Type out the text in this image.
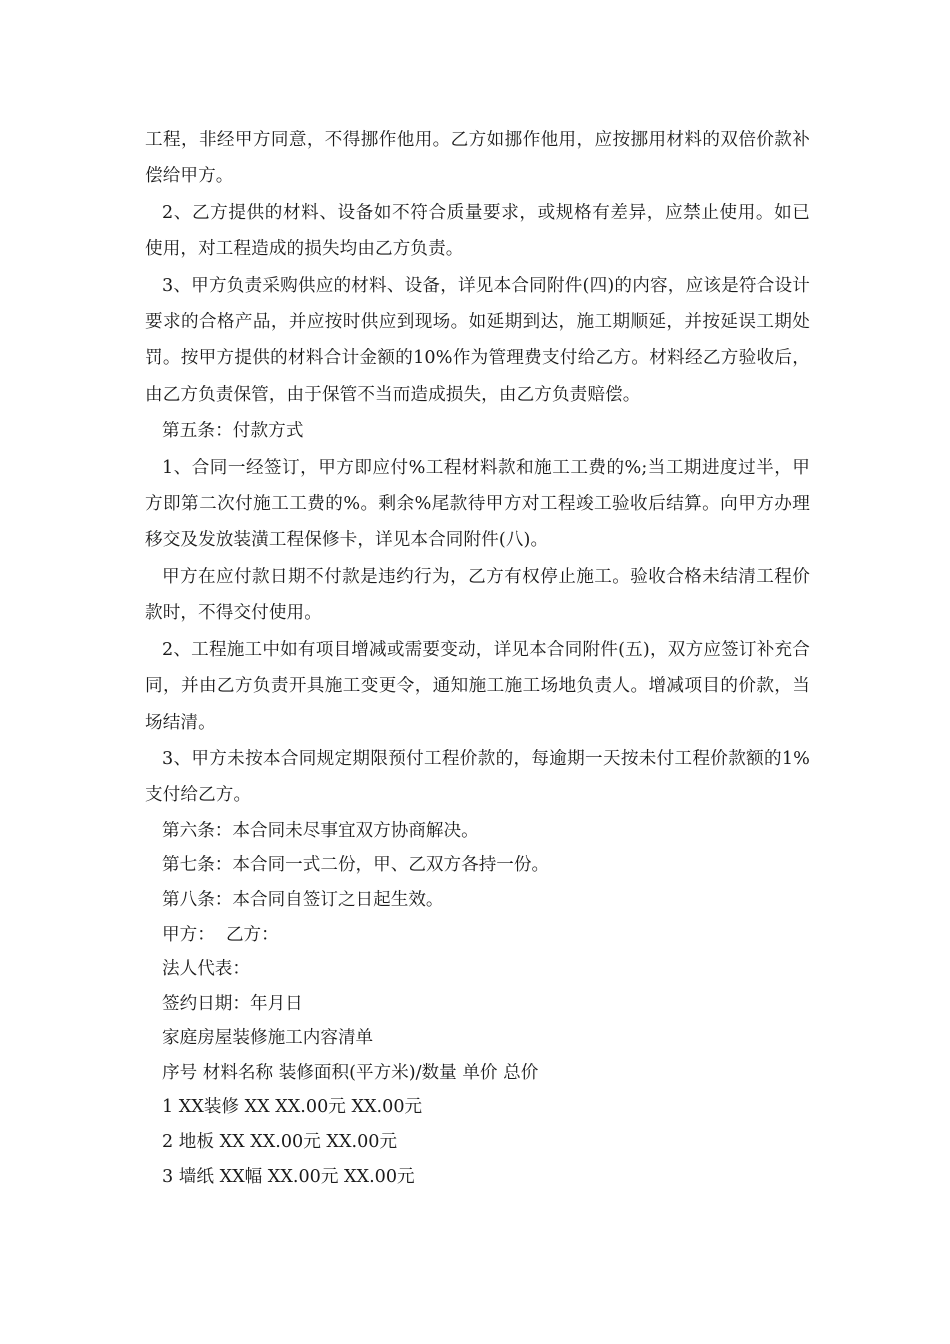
工程，非经甲方同意，不得挪作他用。乙方如挪作他用，应按挪用材料的双倍价款补偿给甲方。

2、乙方提供的材料、设备如不符合质量要求，或规格有差异，应禁止使用。如已使用，对工程造成的损失均由乙方负责。

3、甲方负责采购供应的材料、设备，详见本合同附件(四)的内容，应该是符合设计要求的合格产品，并应按时供应到现场。如延期到达，施工期顺延，并按延误工期处罚。按甲方提供的材料合计金额的10%作为管理费支付给乙方。材料经乙方验收后，由乙方负责保管，由于保管不当而造成损失，由乙方负责赔偿。

第五条：付款方式

1、合同一经签订，甲方即应付%工程材料款和施工工费的%;当工期进度过半，甲方即第二次付施工工费的%。剩余%尾款待甲方对工程竣工验收后结算。向甲方办理移交及发放装潢工程保修卡，详见本合同附件(八)。

甲方在应付款日期不付款是违约行为，乙方有权停止施工。验收合格未结清工程价款时，不得交付使用。

2、工程施工中如有项目增减或需要变动，详见本合同附件(五)，双方应签订补充合同，并由乙方负责开具施工变更令，通知施工施工场地负责人。增减项目的价款，当场结清。

3、甲方未按本合同规定期限预付工程价款的，每逾期一天按未付工程价款额的1%支付给乙方。

第六条：本合同未尽事宜双方协商解决。

第七条：本合同一式二份，甲、乙双方各持一份。

第八条：本合同自签订之日起生效。

甲方：  乙方：

法人代表：

签约日期：年月日

家庭房屋装修施工内容清单

序号 材料名称 装修面积(平方米)/数量 单价 总价

1 XX装修 XX XX.00元 XX.00元

2 地板 XX XX.00元 XX.00元

3 墙纸 XX幅 XX.00元 XX.00元
